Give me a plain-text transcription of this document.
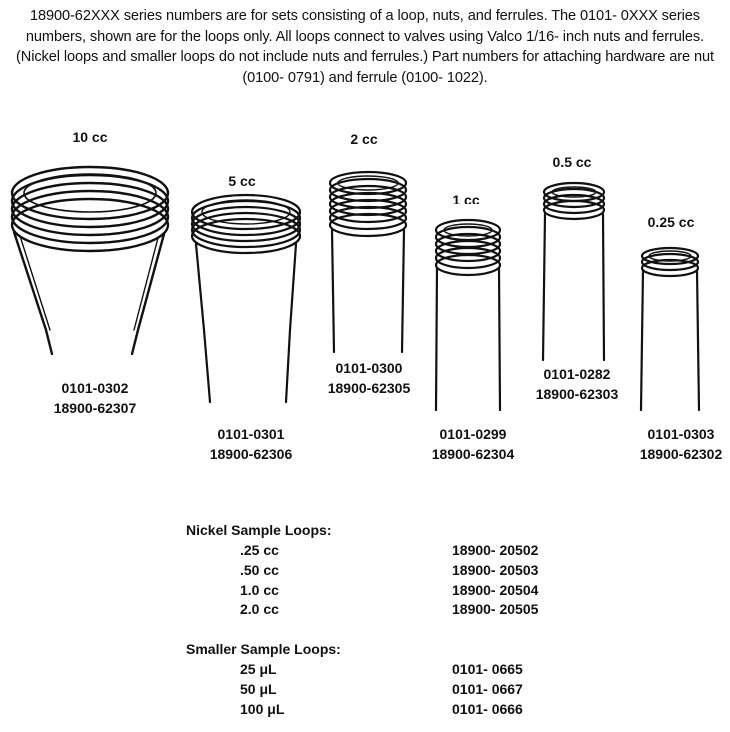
18900-62XXX series numbers are for sets consisting of a loop, nuts, and ferrules. The 0101- 0XXX series numbers, shown are for the loops only. All loops connect to valves using Valco 1/16- inch nuts and ferrules. (Nickel loops and smaller loops do not include nuts and ferrules.) Part numbers for attaching hardware are nut (0100- 0791) and ferrule (0100- 1022).

10 cc
5 cc
2 cc
1 cc
0.5 cc
0.25 cc
0101-0302
18900-62307
0101-0301
18900-62306
0101-0300
18900-62305
0101-0299
18900-62304
0101-0282
18900-62303
0101-0303
18900-62302
Nickel Sample Loops:
.25 cc	18900- 20502
.50 cc	18900- 20503
1.0 cc	18900- 20504
2.0 cc	18900- 20505
Smaller Sample Loops:
25 μL	0101- 0665
50 μL	0101- 0667
100 μL	0101- 0666
